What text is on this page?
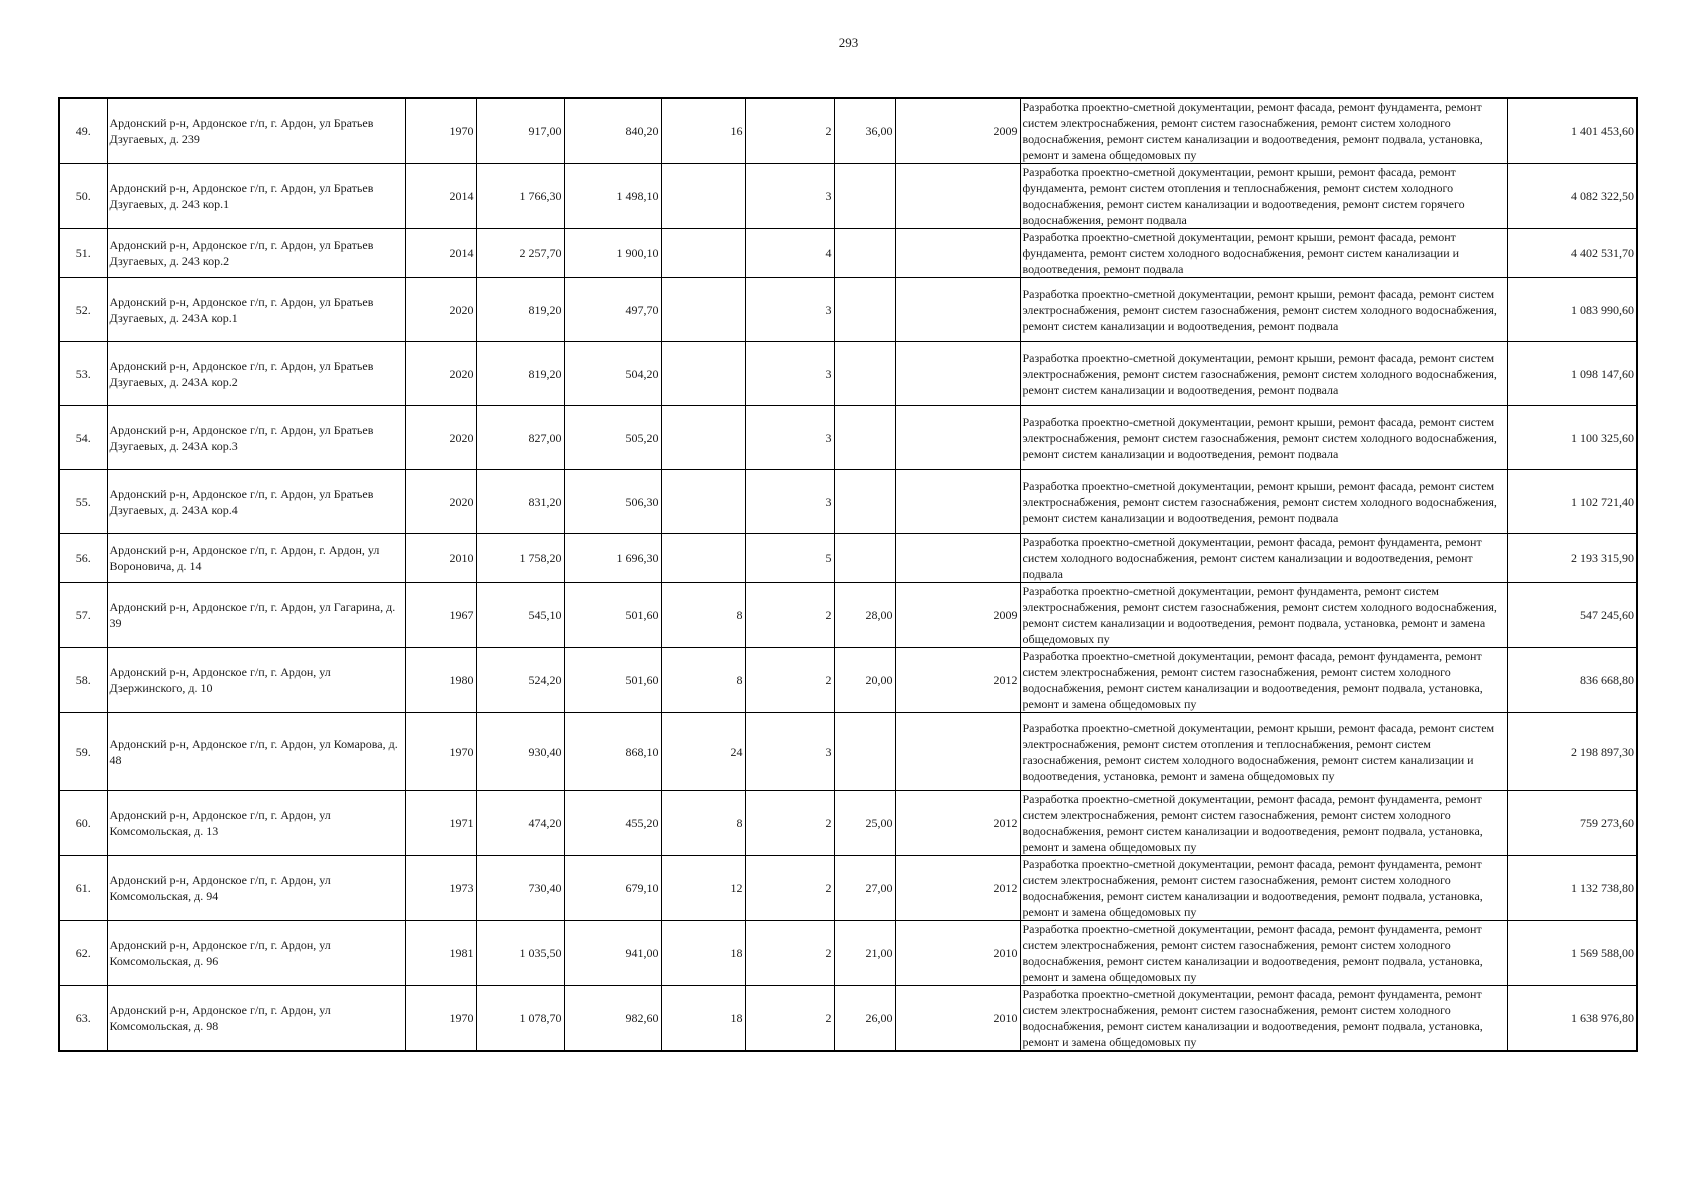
293
49.	Ардонский р-н, Ардонское г/п, г. Ардон, ул Братьев Дзугаевых, д. 239	1970	917,00	840,20	16	2	36,00	2009	Разработка проектно-сметной документации, ремонт фасада, ремонт фундамента, ремонт систем электроснабжения, ремонт систем газоснабжения, ремонт систем холодного водоснабжения, ремонт систем канализации и водоотведения, ремонт подвала, установка, ремонт и замена общедомовых пу	1 401 453,60
50.	Ардонский р-н, Ардонское г/п, г. Ардон, ул Братьев Дзугаевых, д. 243 кор.1	2014	1 766,30	1 498,10		3			Разработка проектно-сметной документации, ремонт крыши, ремонт фасада, ремонт фундамента, ремонт систем отопления и теплоснабжения, ремонт систем холодного водоснабжения, ремонт систем канализации и водоотведения, ремонт систем горячего водоснабжения, ремонт подвала	4 082 322,50
51.	Ардонский р-н, Ардонское г/п, г. Ардон, ул Братьев Дзугаевых, д. 243 кор.2	2014	2 257,70	1 900,10		4			Разработка проектно-сметной документации, ремонт крыши, ремонт фасада, ремонт фундамента, ремонт систем холодного водоснабжения, ремонт систем канализации и водоотведения, ремонт подвала	4 402 531,70
52.	Ардонский р-н, Ардонское г/п, г. Ардон, ул Братьев Дзугаевых, д. 243А кор.1	2020	819,20	497,70		3			Разработка проектно-сметной документации, ремонт крыши, ремонт фасада, ремонт систем электроснабжения, ремонт систем газоснабжения, ремонт систем холодного водоснабжения, ремонт систем канализации и водоотведения, ремонт подвала	1 083 990,60
53.	Ардонский р-н, Ардонское г/п, г. Ардон, ул Братьев Дзугаевых, д. 243А кор.2	2020	819,20	504,20		3			Разработка проектно-сметной документации, ремонт крыши, ремонт фасада, ремонт систем электроснабжения, ремонт систем газоснабжения, ремонт систем холодного водоснабжения, ремонт систем канализации и водоотведения, ремонт подвала	1 098 147,60
54.	Ардонский р-н, Ардонское г/п, г. Ардон, ул Братьев Дзугаевых, д. 243А кор.3	2020	827,00	505,20		3			Разработка проектно-сметной документации, ремонт крыши, ремонт фасада, ремонт систем электроснабжения, ремонт систем газоснабжения, ремонт систем холодного водоснабжения, ремонт систем канализации и водоотведения, ремонт подвала	1 100 325,60
55.	Ардонский р-н, Ардонское г/п, г. Ардон, ул Братьев Дзугаевых, д. 243А кор.4	2020	831,20	506,30		3			Разработка проектно-сметной документации, ремонт крыши, ремонт фасада, ремонт систем электроснабжения, ремонт систем газоснабжения, ремонт систем холодного водоснабжения, ремонт систем канализации и водоотведения, ремонт подвала	1 102 721,40
56.	Ардонский р-н, Ардонское г/п, г. Ардон, г. Ардон, ул Вороновича, д. 14	2010	1 758,20	1 696,30		5			Разработка проектно-сметной документации, ремонт фасада, ремонт фундамента, ремонт систем холодного водоснабжения, ремонт систем канализации и водоотведения, ремонт подвала	2 193 315,90
57.	Ардонский р-н, Ардонское г/п, г. Ардон, ул Гагарина, д. 39	1967	545,10	501,60	8	2	28,00	2009	Разработка проектно-сметной документации, ремонт фундамента, ремонт систем электроснабжения, ремонт систем газоснабжения, ремонт систем холодного водоснабжения, ремонт систем канализации и водоотведения, ремонт подвала, установка, ремонт и замена общедомовых пу	547 245,60
58.	Ардонский р-н, Ардонское г/п, г. Ардон, ул Дзержинского, д. 10	1980	524,20	501,60	8	2	20,00	2012	Разработка проектно-сметной документации, ремонт фасада, ремонт фундамента, ремонт систем электроснабжения, ремонт систем газоснабжения, ремонт систем холодного водоснабжения, ремонт систем канализации и водоотведения, ремонт подвала, установка, ремонт и замена общедомовых пу	836 668,80
59.	Ардонский р-н, Ардонское г/п, г. Ардон, ул Комарова, д. 48	1970	930,40	868,10	24	3			Разработка проектно-сметной документации, ремонт крыши, ремонт фасада, ремонт систем электроснабжения, ремонт систем отопления и теплоснабжения, ремонт систем газоснабжения, ремонт систем холодного водоснабжения, ремонт систем канализации и водоотведения, установка, ремонт и замена общедомовых пу	2 198 897,30
60.	Ардонский р-н, Ардонское г/п, г. Ардон, ул Комсомольская, д. 13	1971	474,20	455,20	8	2	25,00	2012	Разработка проектно-сметной документации, ремонт фасада, ремонт фундамента, ремонт систем электроснабжения, ремонт систем газоснабжения, ремонт систем холодного водоснабжения, ремонт систем канализации и водоотведения, ремонт подвала, установка, ремонт и замена общедомовых пу	759 273,60
61.	Ардонский р-н, Ардонское г/п, г. Ардон, ул Комсомольская, д. 94	1973	730,40	679,10	12	2	27,00	2012	Разработка проектно-сметной документации, ремонт фасада, ремонт фундамента, ремонт систем электроснабжения, ремонт систем газоснабжения, ремонт систем холодного водоснабжения, ремонт систем канализации и водоотведения, ремонт подвала, установка, ремонт и замена общедомовых пу	1 132 738,80
62.	Ардонский р-н, Ардонское г/п, г. Ардон, ул Комсомольская, д. 96	1981	1 035,50	941,00	18	2	21,00	2010	Разработка проектно-сметной документации, ремонт фасада, ремонт фундамента, ремонт систем электроснабжения, ремонт систем газоснабжения, ремонт систем холодного водоснабжения, ремонт систем канализации и водоотведения, ремонт подвала, установка, ремонт и замена общедомовых пу	1 569 588,00
63.	Ардонский р-н, Ардонское г/п, г. Ардон, ул Комсомольская, д. 98	1970	1 078,70	982,60	18	2	26,00	2010	Разработка проектно-сметной документации, ремонт фасада, ремонт фундамента, ремонт систем электроснабжения, ремонт систем газоснабжения, ремонт систем холодного водоснабжения, ремонт систем канализации и водоотведения, ремонт подвала, установка, ремонт и замена общедомовых пу	1 638 976,80
